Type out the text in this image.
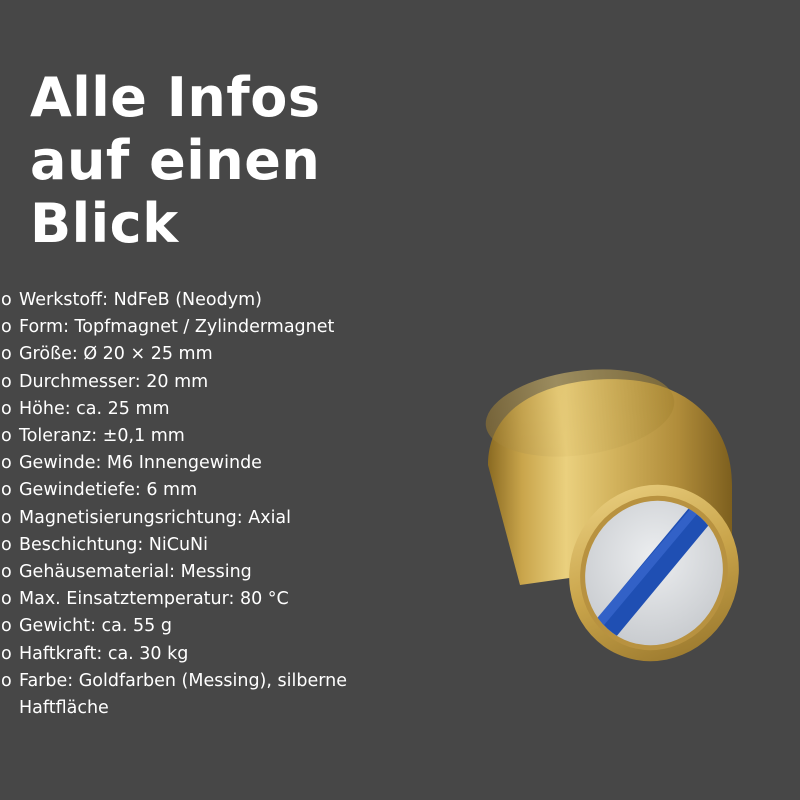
Alle Infos
auf einen
Blick
o Werkstoff: NdFeB (Neodym)
o Form: Topfmagnet / Zylindermagnet
o Größe: Ø 20 × 25 mm
o Durchmesser: 20 mm
o Höhe: ca. 25 mm
o Toleranz: ±0,1 mm
o Gewinde: M6 Innengewinde
o Gewindetiefe: 6 mm
o Magnetisierungsrichtung: Axial
o Beschichtung: NiCuNi
o Gehäusematerial: Messing
o Max. Einsatztemperatur: 80 °C
o Gewicht: ca. 55 g
o Haftkraft: ca. 30 kg
o Farbe: Goldfarben (Messing), silberne Haftfläche
